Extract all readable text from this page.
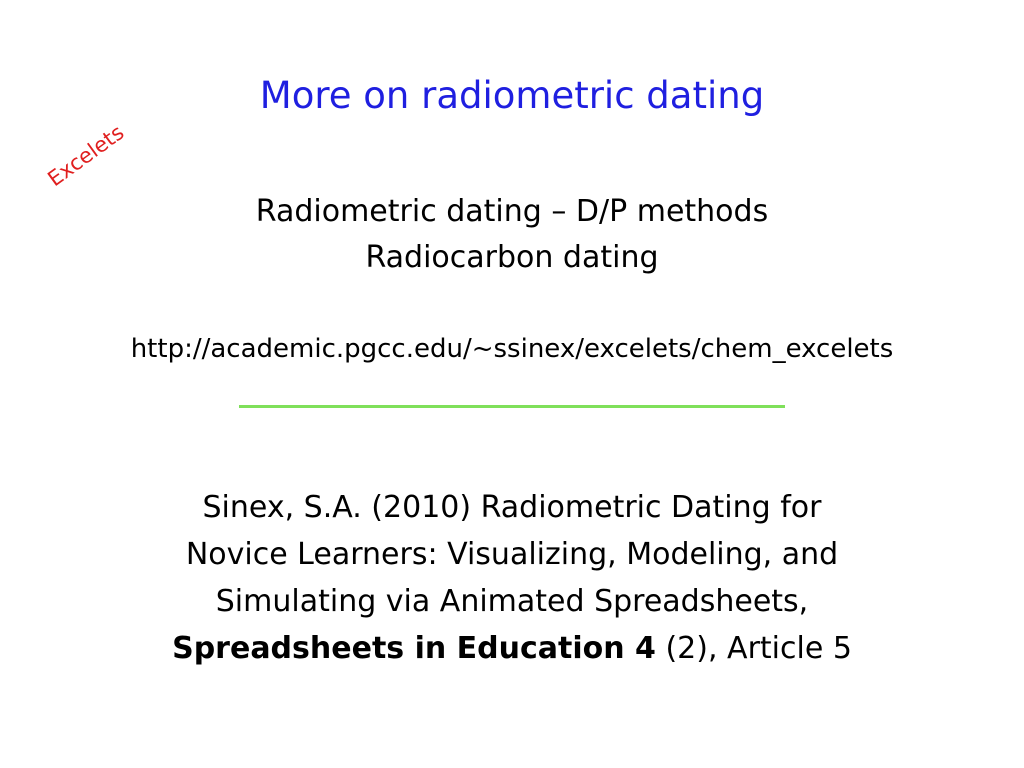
More on radiometric dating
Excelets
Radiometric dating – D/P methods
Radiocarbon dating
http://academic.pgcc.edu/~ssinex/excelets/chem_excelets
Sinex, S.A. (2010) Radiometric Dating for
Novice Learners: Visualizing, Modeling, and
Simulating via Animated Spreadsheets,
Spreadsheets in Education 4 (2), Article 5
